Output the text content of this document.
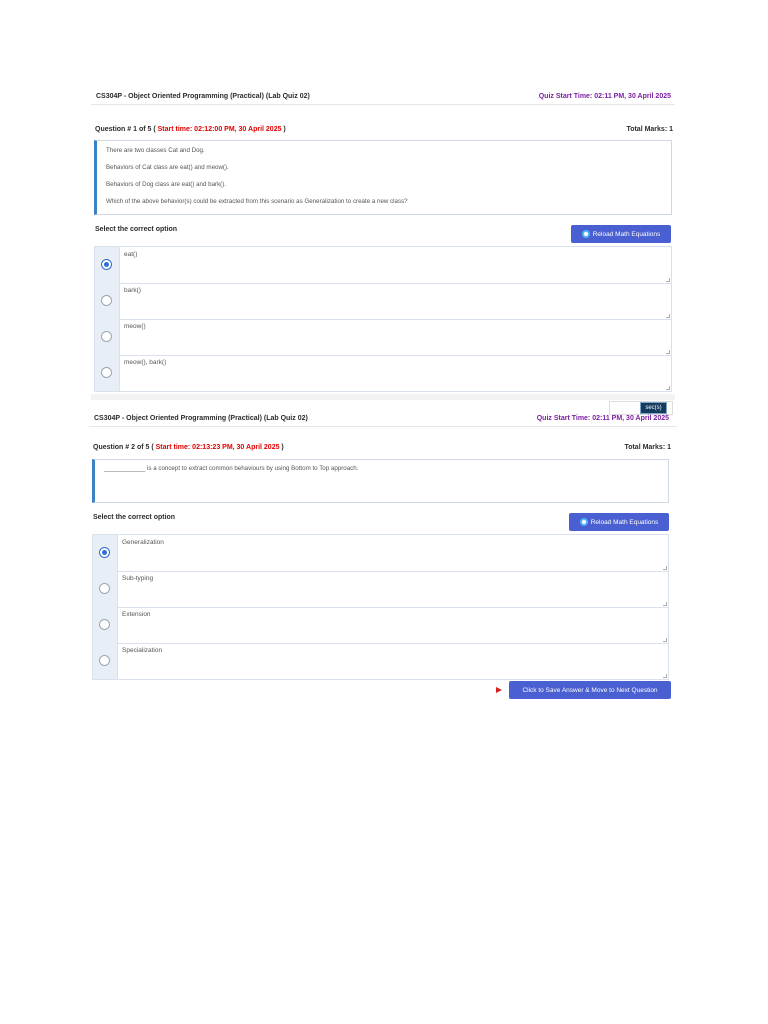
CS304P - Object Oriented Programming (Practical) (Lab Quiz 02)	Quiz Start Time: 02:11 PM, 30 April 2025
Question # 1 of 5 ( Start time: 02:12:00 PM, 30 April 2025 )	Total Marks: 1
There are two classes Cat and Dog.
Behaviors of Cat class are eat() and meow().
Behaviors of Dog class are eat() and bark().
Which of the above behavior(s) could be extracted from this scenario as Generalization to create a new class?
Select the correct option
Reload Math Equations
eat()
bark()
meow()
meow(), bark()
sec(s)
CS304P - Object Oriented Programming (Practical) (Lab Quiz 02)	Quiz Start Time: 02:11 PM, 30 April 2025
Question # 2 of 5 ( Start time: 02:13:23 PM, 30 April 2025 )	Total Marks: 1
____________ is a concept to extract common behaviours by using Bottom to Top approach.
Select the correct option
Reload Math Equations
Generalization
Sub-typing
Extension
Specialization
Click to Save Answer & Move to Next Question
